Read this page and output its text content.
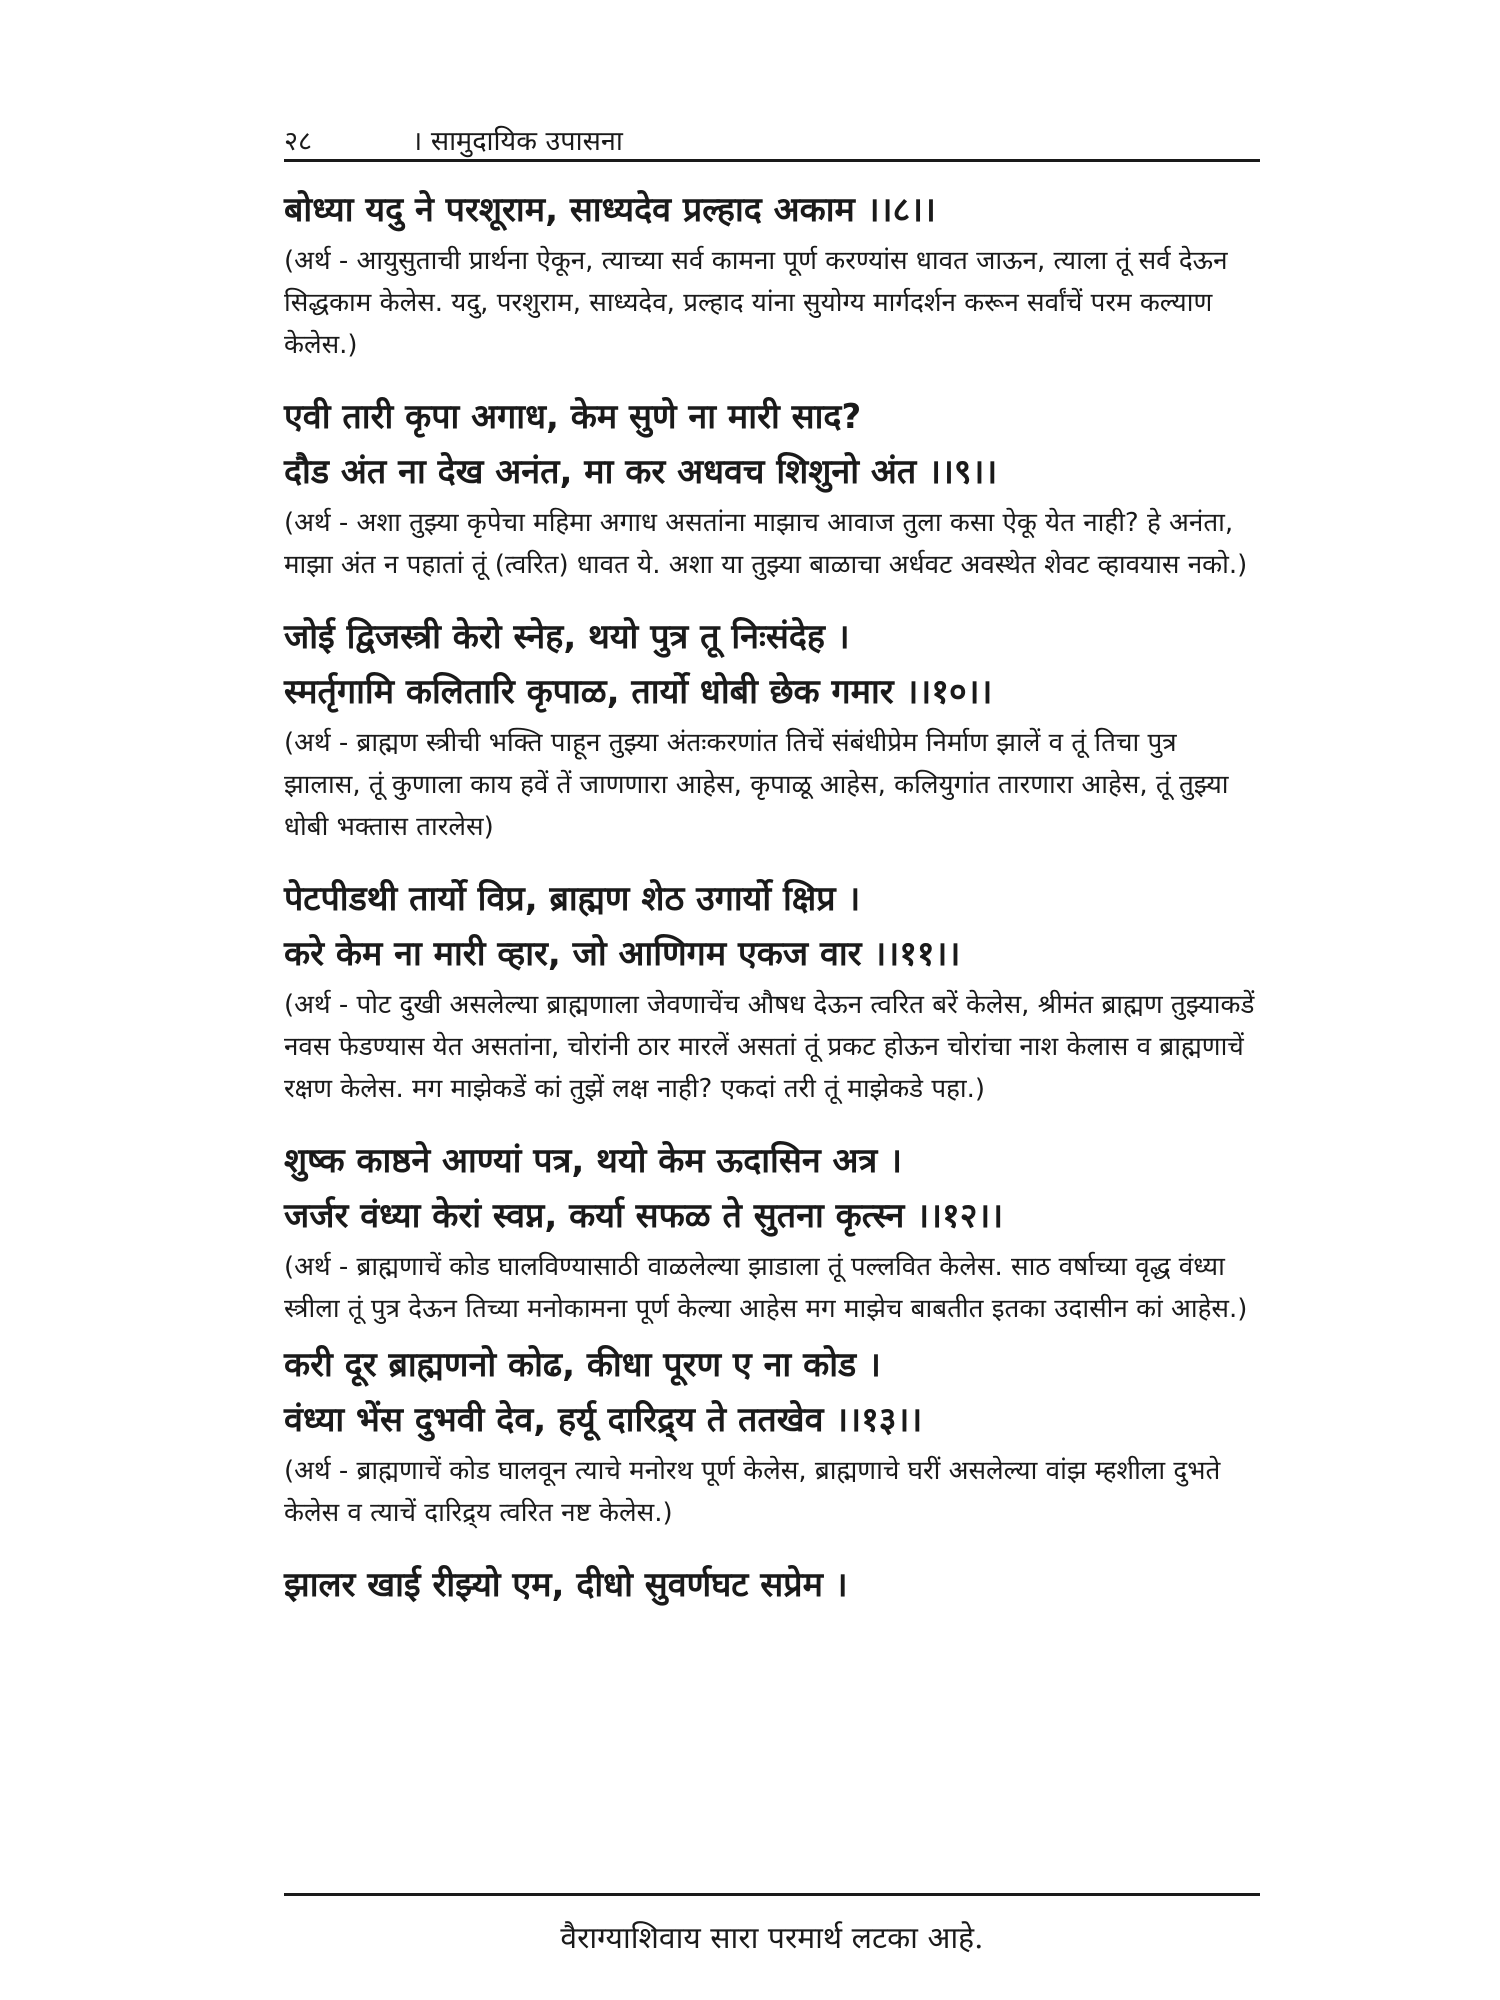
२८	। सामुदायिक उपासना

बोध्या यदु ने परशूराम, साध्यदेव प्रल्हाद अकाम ।।८।।

(अर्थ - आयुसुताची प्रार्थना ऐकून, त्याच्या सर्व कामना पूर्ण करण्यांस धावत जाऊन, त्याला तूं सर्व देऊन सिद्धकाम केलेस. यदु, परशुराम, साध्यदेव, प्रल्हाद यांना सुयोग्य मार्गदर्शन करून सर्वांचें परम कल्याण केलेस.)

एवी तारी कृपा अगाध, केम सुणे ना मारी साद?

दौड अंत ना देख अनंत, मा कर अधवच शिशुनो अंत ।।९।।

(अर्थ - अशा तुझ्या कृपेचा महिमा अगाध असतांना माझाच आवाज तुला कसा ऐकू येत नाही? हे अनंता, माझा अंत न पहातां तूं (त्वरित) धावत ये. अशा या तुझ्या बाळाचा अर्धवट अवस्थेत शेवट व्हावयास नको.)

जोई द्विजस्त्री केरो स्नेह, थयो पुत्र तू निःसंदेह ।

स्मर्तृगामि कलितारि कृपाळ, तार्यो धोबी छेक गमार ।।१०।।

(अर्थ - ब्राह्मण स्त्रीची भक्ति पाहून तुझ्या अंतःकरणांत तिचें संबंधीप्रेम निर्माण झालें व तूं तिचा पुत्र झालास, तूं कुणाला काय हवें तें जाणणारा आहेस, कृपाळू आहेस, कलियुगांत तारणारा आहेस, तूं तुझ्या धोबी भक्तास तारलेस)

पेटपीडथी तार्यो विप्र, ब्राह्मण शेठ उगार्यो क्षिप्र ।

करे केम ना मारी व्हार, जो आणिगम एकज वार ।।११।।

(अर्थ - पोट दुखी असलेल्या ब्राह्मणाला जेवणाचेंच औषध देऊन त्वरित बरें केलेस, श्रीमंत ब्राह्मण तुझ्याकडें नवस फेडण्यास येत असतांना, चोरांनी ठार मारलें असतां तूं प्रकट होऊन चोरांचा नाश केलास व ब्राह्मणाचें रक्षण केलेस. मग माझेकडें कां तुझें लक्ष नाही? एकदां तरी तूं माझेकडे पहा.)

शुष्क काष्ठने आण्यां पत्र, थयो केम ऊदासिन अत्र ।

जर्जर वंध्या केरां स्वप्न, कर्या सफळ ते सुतना कृत्स्न ।।१२।।

(अर्थ - ब्राह्मणाचें कोड घालविण्यासाठी वाळलेल्या झाडाला तूं पल्लवित केलेस. साठ वर्षाच्या वृद्ध वंध्या स्त्रीला तूं पुत्र देऊन तिच्या मनोकामना पूर्ण केल्या आहेस मग माझेच बाबतीत इतका उदासीन कां आहेस.)

करी दूर ब्राह्मणनो कोढ, कीधा पूरण ए ना कोड ।

वंध्या भेंस दुभवी देव, हर्यू दारिद्र्य ते ततखेव ।।१३।।

(अर्थ - ब्राह्मणाचें कोड घालवून त्याचे मनोरथ पूर्ण केलेस, ब्राह्मणाचे घरीं असलेल्या वांझ म्हशीला दुभते केलेस व त्याचें दारिद्र्य त्वरित नष्ट केलेस.)

झालर खाई रीझ्यो एम, दीधो सुवर्णघट सप्रेम ।

वैराग्याशिवाय सारा परमार्थ लटका आहे.
